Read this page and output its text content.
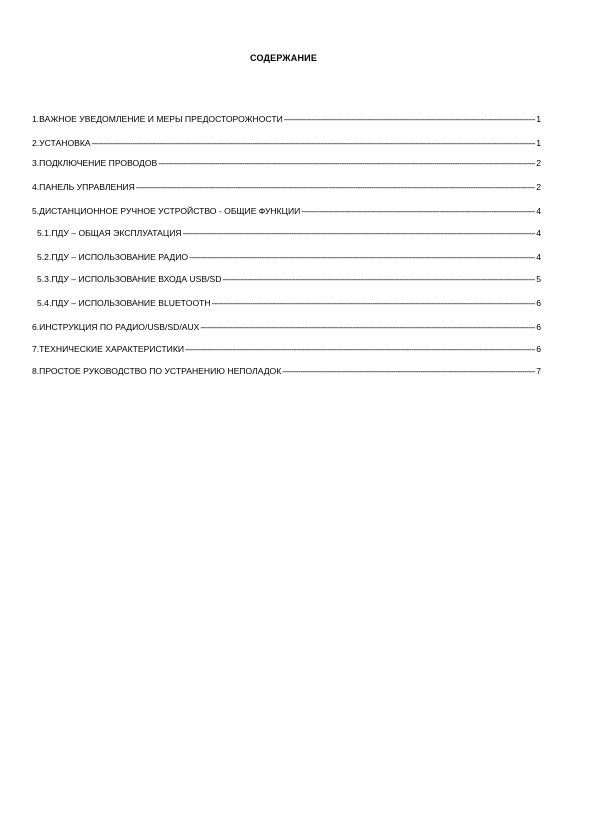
СОДЕРЖАНИЕ
1.ВАЖНОЕ УВЕДОМЛЕНИЕ И МЕРЫ ПРЕДОСТОРОЖНОСТИ -----	1
2.УСТАНОВКА -----	1
3.ПОДКЛЮЧЕНИЕ ПРОВОДОВ -----	2
4.ПАНЕЛЬ УПРАВЛЕНИЯ -----	2
5.ДИСТАНЦИОННОЕ РУЧНОЕ УСТРОЙСТВО - ОБЩИЕ ФУНКЦИИ -----	4
5.1.ПДУ – ОБЩАЯ ЭКСПЛУАТАЦИЯ -----	4
5.2.ПДУ – ИСПОЛЬЗОВАНИЕ РАДИО -----	4
5.3.ПДУ – ИСПОЛЬЗОВАНИЕ ВХОДА USB/SD -----	5
5.4.ПДУ – ИСПОЛЬЗОВАНИЕ BLUETOOTH -----	6
6.ИНСТРУКЦИЯ ПО РАДИО/USB/SD/AUX -----	6
7.ТЕХНИЧЕСКИЕ ХАРАКТЕРИСТИКИ -----	6
8.ПРОСТОЕ РУКОВОДСТВО ПО УСТРАНЕНИЮ НЕПОЛАДОК -----	7
